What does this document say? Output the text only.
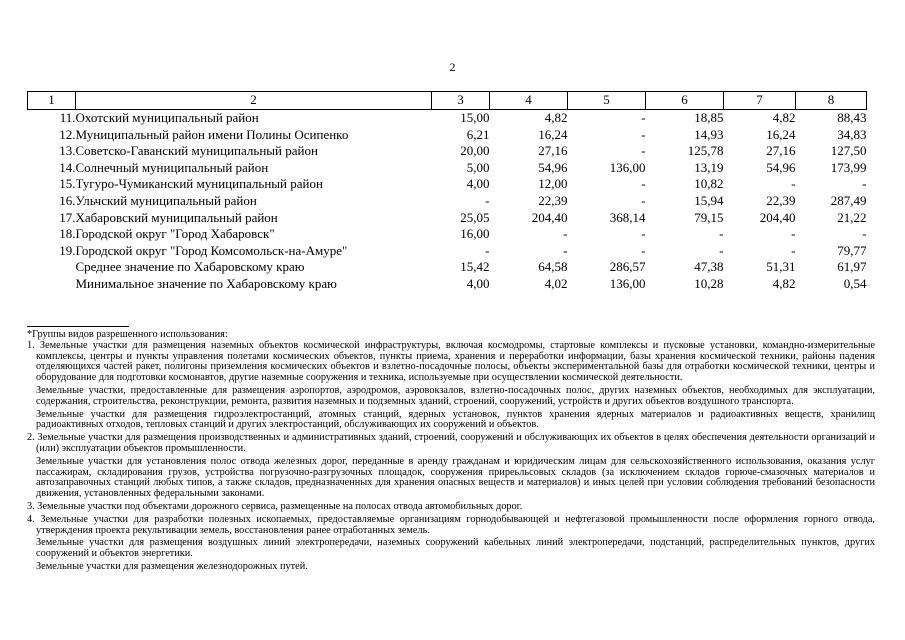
2
1	2	3	4	5	6	7	8
11.	Охотский муниципальный район	15,00	4,82	-	18,85	4,82	88,43
12.	Муниципальный район имени Полины Осипенко	6,21	16,24	-	14,93	16,24	34,83
13.	Советско-Гаванский муниципальный район	20,00	27,16	-	125,78	27,16	127,50
14.	Солнечный муниципальный район	5,00	54,96	136,00	13,19	54,96	173,99
15.	Тугуро-Чумиканский муниципальный район	4,00	12,00	-	10,82	-	-
16.	Ульчский муниципальный район	-	22,39	-	15,94	22,39	287,49
17.	Хабаровский муниципальный район	25,05	204,40	368,14	79,15	204,40	21,22
18.	Городской округ "Город Хабаровск"	16,00	-	-	-	-	-
19.	Городской округ "Город Комсомольск-на-Амуре"	-	-	-	-	-	79,77
	Среднее значение по Хабаровскому краю	15,42	64,58	286,57	47,38	51,31	61,97
	Минимальное значение по Хабаровскому краю	4,00	4,02	136,00	10,28	4,82	0,54

*Группы видов разрешенного использования:

1. Земельные участки для размещения наземных объектов космической инфраструктуры, включая космодромы, стартовые комплексы и пусковые установки, командно-измерительные комплексы, центры и пункты управления полетами космических объектов, пункты приема, хранения и переработки информации, базы хранения космической техники, районы падения отделяющихся частей ракет, полигоны приземления космических объектов и взлетно-посадочные полосы, объекты экспериментальной базы для отработки космической техники, центры и оборудование для подготовки космонавтов, другие наземные сооружения и техника, используемые при осуществлении космической деятельности.

Земельные участки, предоставленные для размещения аэропортов, аэродромов, аэровокзалов, взлетно-посадочных полос, других наземных объектов, необходимых для эксплуатации, содержания, строительства, реконструкции, ремонта, развития наземных и подземных зданий, строений, сооружений, устройств и других объектов воздушного транспорта.

Земельные участки для размещения гидроэлектростанций, атомных станций, ядерных установок, пунктов хранения ядерных материалов и радиоактивных веществ, хранилищ радиоактивных отходов, тепловых станций и других электростанций, обслуживающих их сооружений и объектов.

2. Земельные участки для размещения производственных и административных зданий, строений, сооружений и обслуживающих их объектов в целях обеспечения деятельности организаций и (или) эксплуатации объектов промышленности.

Земельные участки для установления полос отвода железных дорог, переданные в аренду гражданам и юридическим лицам для сельскохозяйственного использования, оказания услуг пассажирам, складирования грузов, устройства погрузочно-разгрузочных площадок, сооружения приреьльсовых складов (за исключением складов горюче-смазочных материалов и автозаправочных станций любых типов, а также складов, предназначенных для хранения опасных веществ и материалов) и иных целей при условии соблюдения требований безопасности движения, установленных федеральными законами.

3. Земельные участки под объектами дорожного сервиса, размещенные на полосах отвода автомобильных дорог.

4. Земельные участки для разработки полезных ископаемых, предоставляемые организациям горнодобывающей и нефтегазовой промышленности после оформления горного отвода, утверждения проекта рекультивации земель, восстановления ранее отработанных земель.

Земельные участки для размещения воздушных линий электропередачи, наземных сооружений кабельных линий электропередачи, подстанций, распределительных пунктов, других сооружений и объектов энергетики.

Земельные участки для размещения железнодорожных путей.
